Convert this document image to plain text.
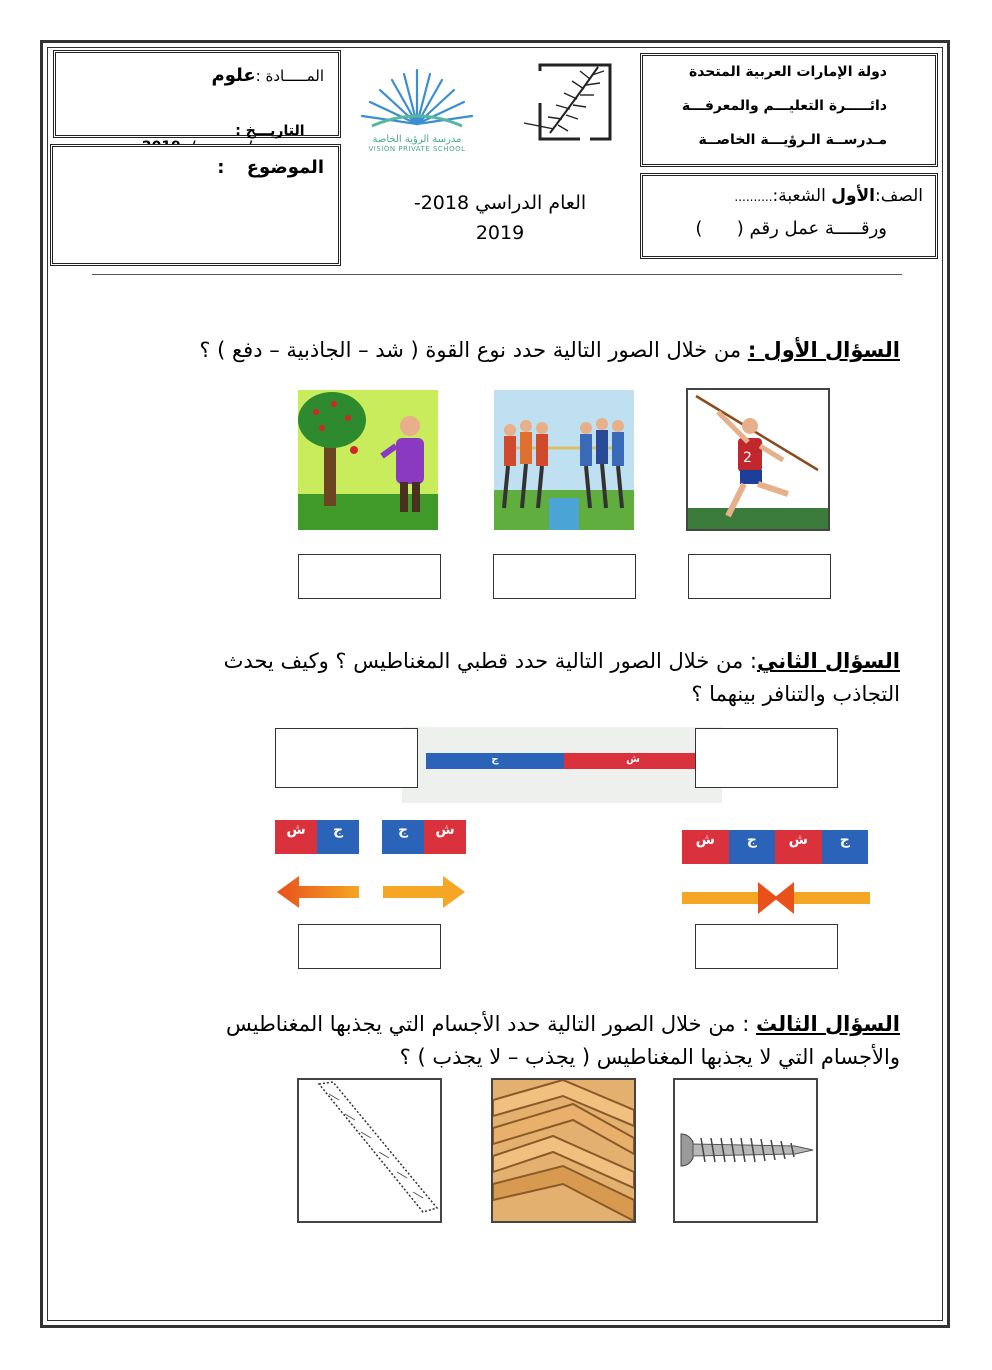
دولة الإمارات العربية المتحدة
دائـــــرة التعليـــم والمعرفـــة
مـدرســة الـرؤيـــة الخاصــة
الصف:الأول الشعبة:..........
ورقـــــة عمل رقم (      )
المـــــادة :علوم

التاريـــخ :

الموضوع :
مدرسة الرؤية الخاصة
VISION PRIVATE SCHOOL
العام الدراسي 2018-
2019
السؤال الأول : من خلال الصور التالية حدد نوع القوة ( شد – الجاذبية – دفع ) ؟
2
السؤال الثاني: من خلال الصور التالية حدد قطبي المغناطيس ؟ وكيف يحدث
التجاذب والتنافر بينهما ؟
ج	ش
ش	ج	ج	ش
ش	ج	ش	ج
السؤال الثالث : من خلال الصور التالية حدد الأجسام التي يجذبها المغناطيس
والأجسام التي لا يجذبها المغناطيس ( يجذب – لا يجذب ) ؟
